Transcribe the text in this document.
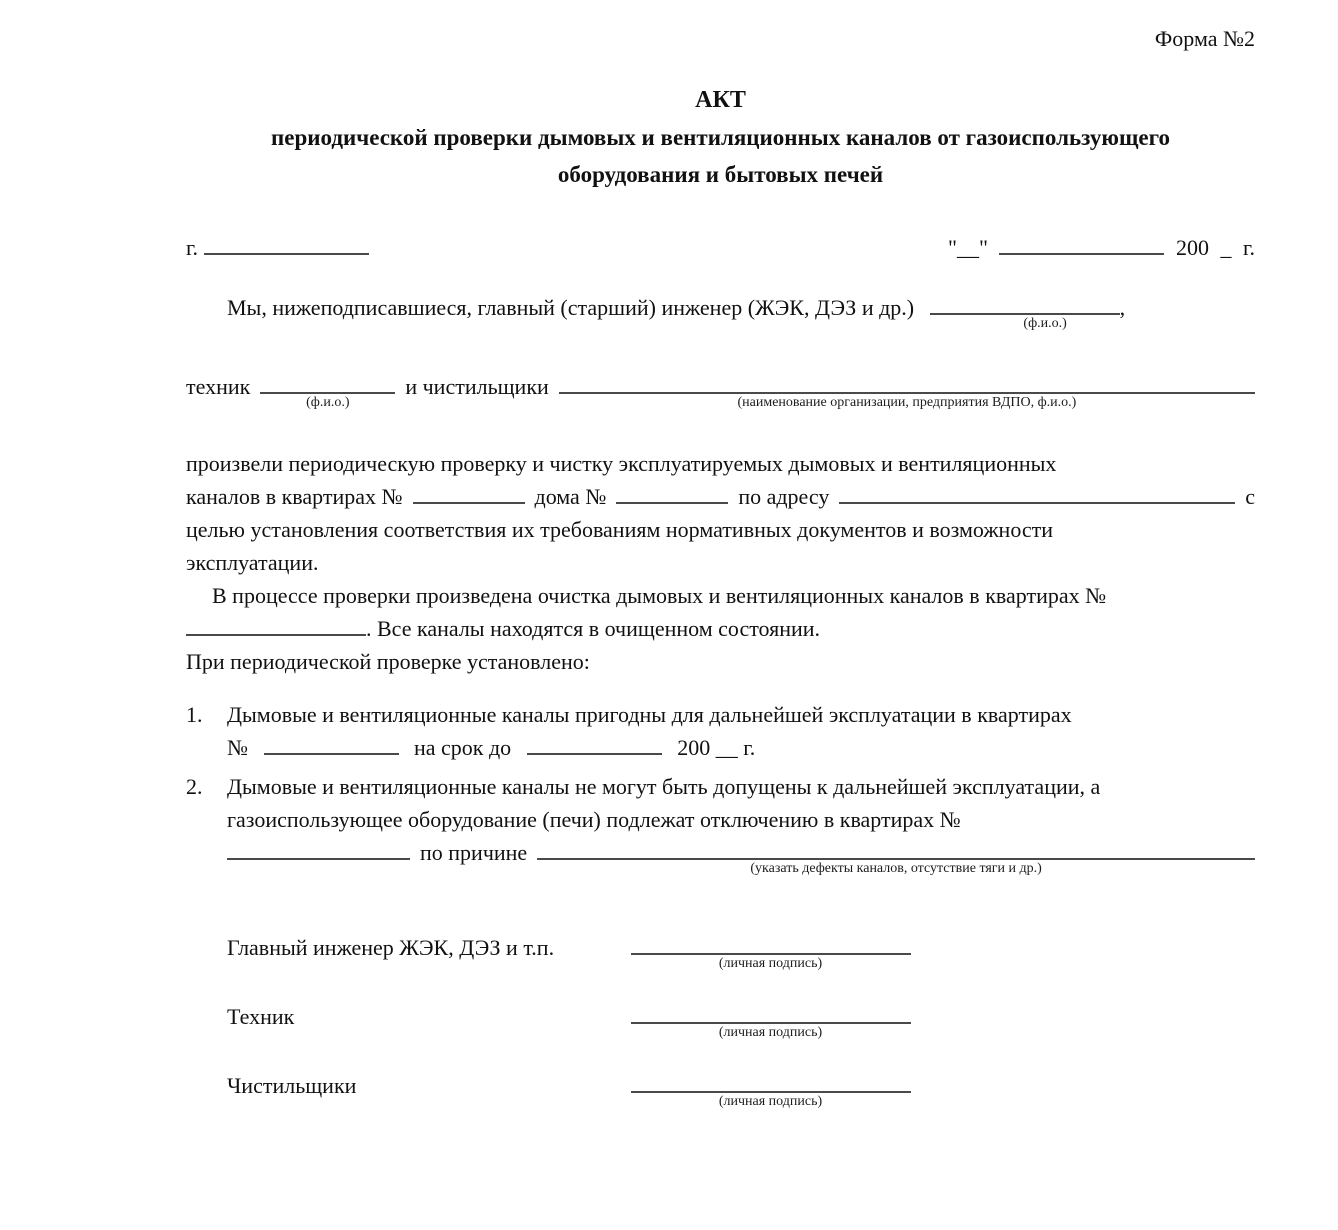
Форма №2
АКТ
периодической проверки дымовых и вентиляционных каналов от газоиспользующего
оборудования и бытовых печей
г.	"__"	200 _ г.
Мы, нижеподписавшиеся, главный (старший) инженер (ЖЭК, ДЭЗ и др.)
(ф.и.о.)
,
техник
(ф.и.о.)
и чистильщики
(наименование организации, предприятия ВДПО, ф.и.о.)
произвели периодическую проверку и чистку эксплуатируемых дымовых и вентиляционных
каналов в квартирах №	дома №	по адресу	с
целью установления соответствия их требованиям нормативных документов и возможности
эксплуатации.
В процессе проверки произведена очистка дымовых и вентиляционных каналов в квартирах №
. Все каналы находятся в очищенном состоянии.
При периодической проверке установлено:
1.	Дымовые и вентиляционные каналы пригодны для дальнейшей эксплуатации в квартирах
№	на срок до	200 __ г.
2.	Дымовые и вентиляционные каналы не могут быть допущены к дальнейшей эксплуатации, а
газоиспользующее оборудование (печи) подлежат отключению в квартирах №
по причине
(указать дефекты каналов, отсутствие тяги и др.)
Главный инженер ЖЭК, ДЭЗ и т.п.
(личная подпись)
Техник
(личная подпись)
Чистильщики
(личная подпись)
